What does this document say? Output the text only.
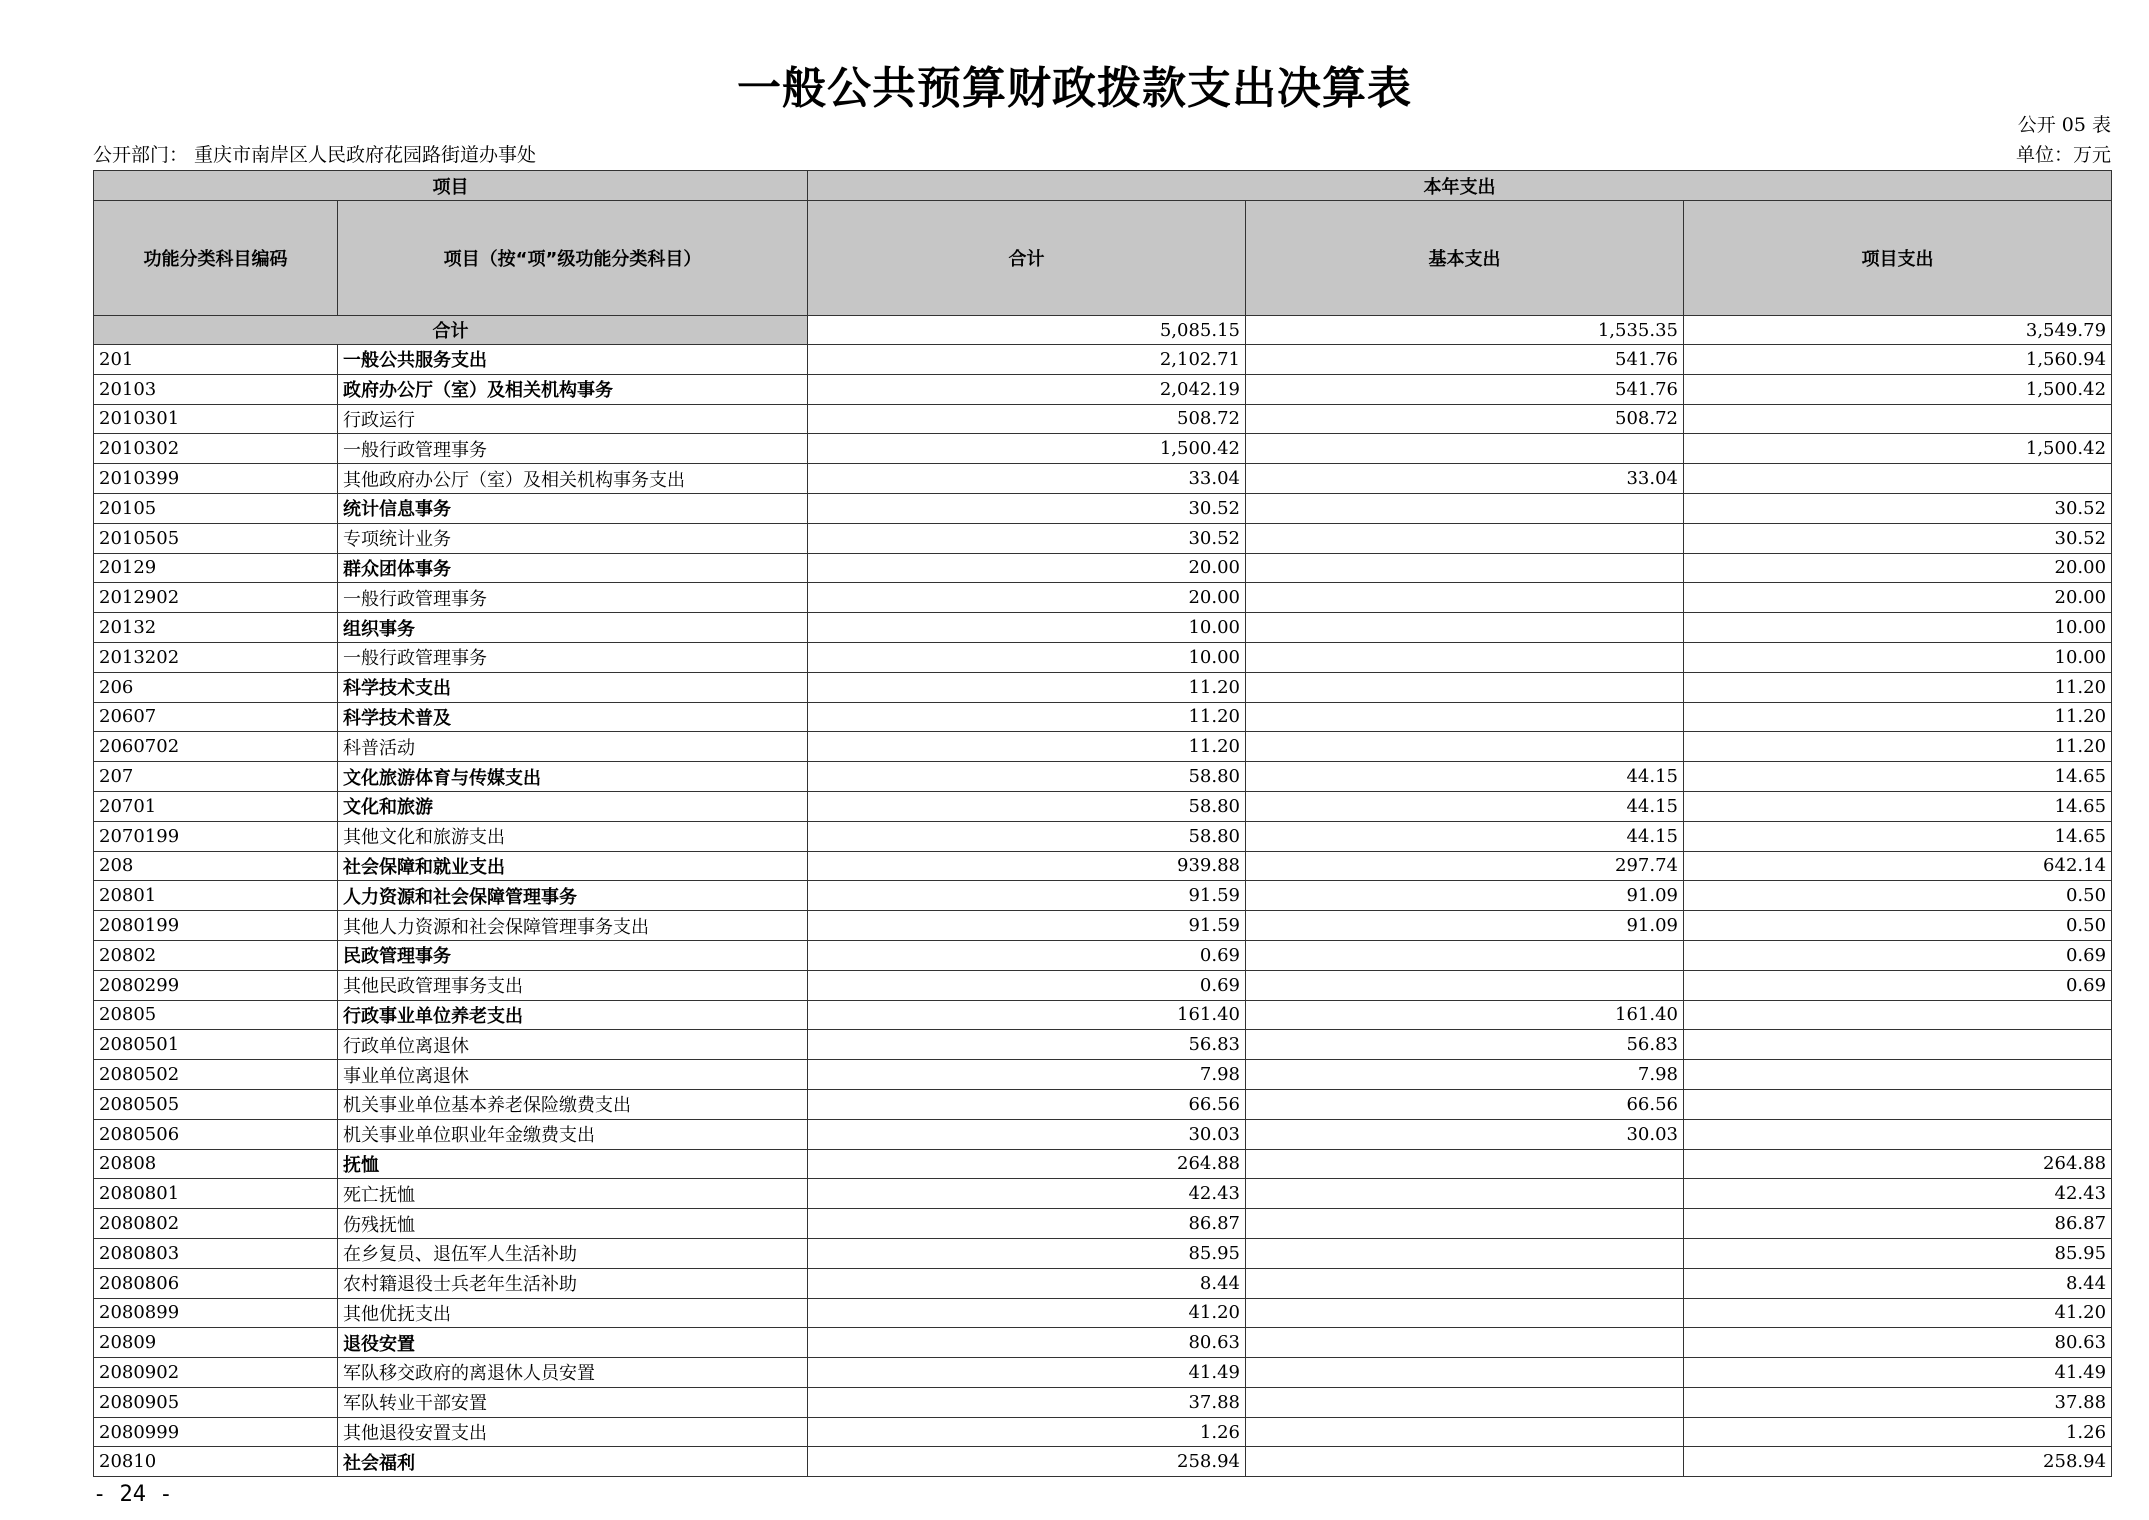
一般公共预算财政拨款支出决算表
公开 05 表
公开部门： 重庆市南岸区人民政府花园路街道办事处	单位：万元
项目		本年支出		
功能分类科目编码	项目（按“项”级功能分类科目）	合计	基本支出	项目支出
合计		5,085.15	1,535.35	3,549.79
201	一般公共服务支出	2,102.71	541.76	1,560.94
20103	政府办公厅（室）及相关机构事务	2,042.19	541.76	1,500.42
2010301	行政运行	508.72	508.72	
2010302	一般行政管理事务	1,500.42		1,500.42
2010399	其他政府办公厅（室）及相关机构事务支出	33.04	33.04	
20105	统计信息事务	30.52		30.52
2010505	专项统计业务	30.52		30.52
20129	群众团体事务	20.00		20.00
2012902	一般行政管理事务	20.00		20.00
20132	组织事务	10.00		10.00
2013202	一般行政管理事务	10.00		10.00
206	科学技术支出	11.20		11.20
20607	科学技术普及	11.20		11.20
2060702	科普活动	11.20		11.20
207	文化旅游体育与传媒支出	58.80	44.15	14.65
20701	文化和旅游	58.80	44.15	14.65
2070199	其他文化和旅游支出	58.80	44.15	14.65
208	社会保障和就业支出	939.88	297.74	642.14
20801	人力资源和社会保障管理事务	91.59	91.09	0.50
2080199	其他人力资源和社会保障管理事务支出	91.59	91.09	0.50
20802	民政管理事务	0.69		0.69
2080299	其他民政管理事务支出	0.69		0.69
20805	行政事业单位养老支出	161.40	161.40	
2080501	行政单位离退休	56.83	56.83	
2080502	事业单位离退休	7.98	7.98	
2080505	机关事业单位基本养老保险缴费支出	66.56	66.56	
2080506	机关事业单位职业年金缴费支出	30.03	30.03	
20808	抚恤	264.88		264.88
2080801	死亡抚恤	42.43		42.43
2080802	伤残抚恤	86.87		86.87
2080803	在乡复员、退伍军人生活补助	85.95		85.95
2080806	农村籍退役士兵老年生活补助	8.44		8.44
2080899	其他优抚支出	41.20		41.20
20809	退役安置	80.63		80.63
2080902	军队移交政府的离退休人员安置	41.49		41.49
2080905	军队转业干部安置	37.88		37.88
2080999	其他退役安置支出	1.26		1.26
20810	社会福利	258.94		258.94
- 24 -
